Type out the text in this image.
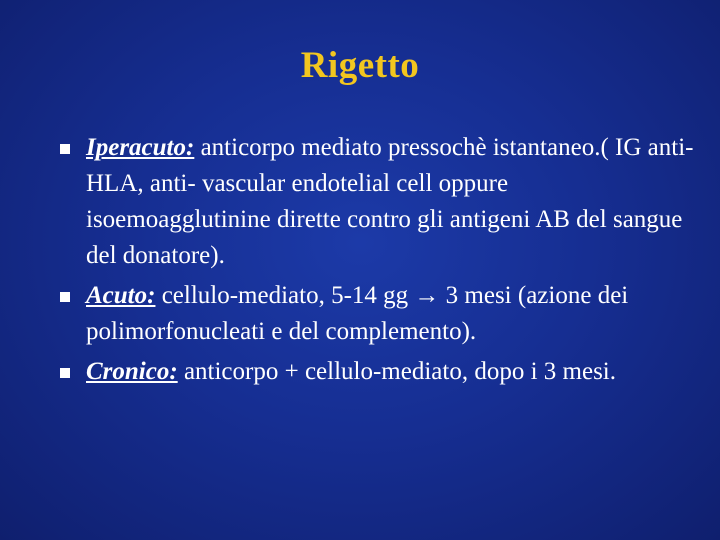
Rigetto
Iperacuto: anticorpo mediato pressochè istantaneo.( IG anti-HLA, anti- vascular endotelial cell oppure isoemoagglutinine dirette contro gli antigeni AB del sangue del donatore).
Acuto: cellulo-mediato, 5-14 gg → 3 mesi (azione dei polimorfonucleati e del complemento).
Cronico: anticorpo + cellulo-mediato, dopo i 3 mesi.
